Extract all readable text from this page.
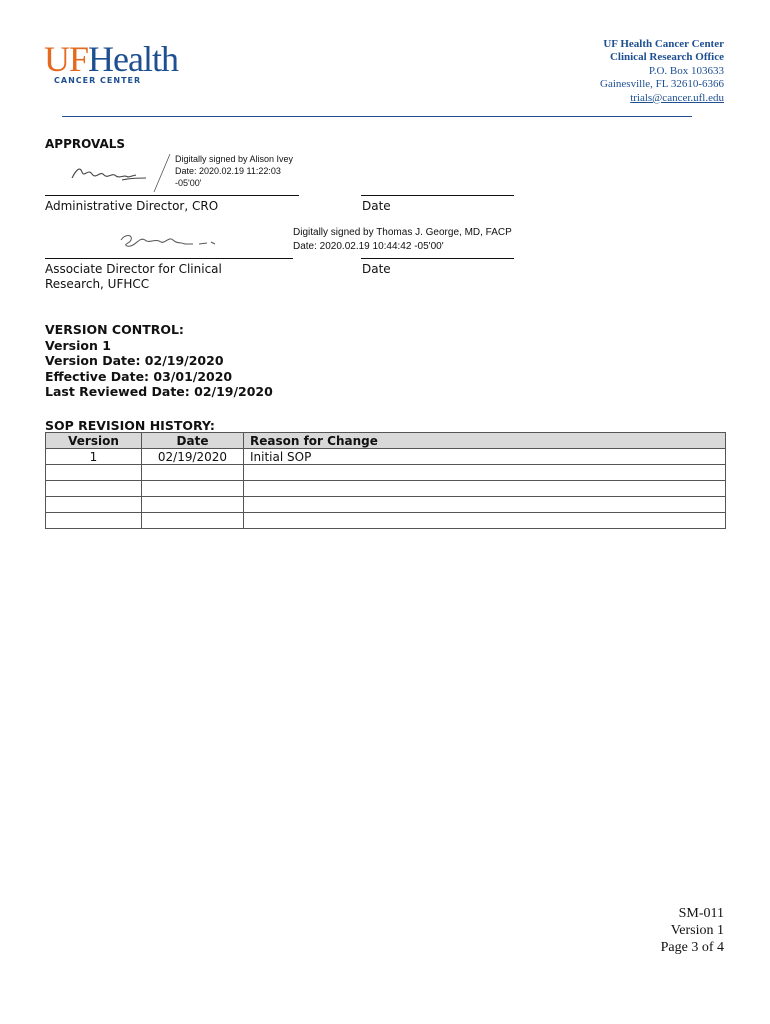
UFHealth
CANCER CENTER
UF Health Cancer Center
Clinical Research Office
P.O. Box 103633
Gainesville, FL 32610-6366
trials@cancer.ufl.edu
APPROVALS
Digitally signed by Alison Ivey
Date: 2020.02.19 11:22:03
-05'00'
Administrative Director, CRO	Date
Digitally signed by Thomas J. George, MD, FACP
Date: 2020.02.19 10:44:42 -05'00'
Associate Director for Clinical
Research, UFHCC
Date
VERSION CONTROL:
Version 1
Version Date: 02/19/2020
Effective Date: 03/01/2020
Last Reviewed Date: 02/19/2020
SOP REVISION HISTORY:
Version	Date	Reason for Change
1	02/19/2020	Initial SOP

SM-011
Version 1
Page 3 of 4
